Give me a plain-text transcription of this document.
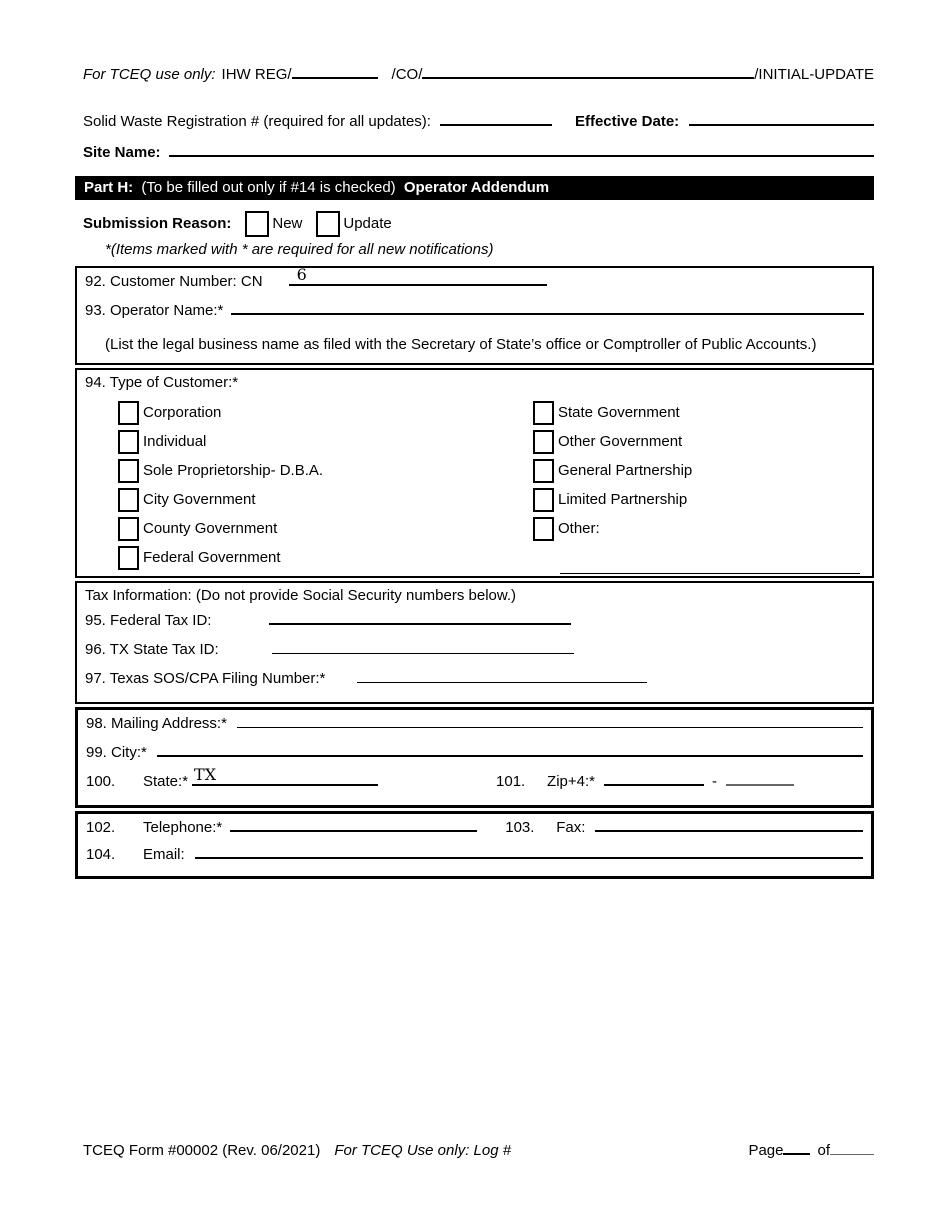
For TCEQ use only: IHW REG/	/CO/	/INITIAL-UPDATE
Solid Waste Registration # (required for all updates):	Effective Date:
Site Name:
Part H: (To be filled out only if #14 is checked) Operator Addendum
Submission Reason:	New	Update
*(Items marked with * are required for all new notifications)
92. Customer Number: CN 6
93. Operator Name:*
(List the legal business name as filed with the Secretary of State’s office or Comptroller of Public Accounts.)
94. Type of Customer:*
Corporation
Individual
Sole Proprietorship- D.B.A.
City Government
County Government
Federal Government
State Government
Other Government
General Partnership
Limited Partnership
Other:
Tax Information: (Do not provide Social Security numbers below.)
95. Federal Tax ID:
96. TX State Tax ID:
97. Texas SOS/CPA Filing Number:*
98. Mailing Address:*
99. City:*
100.	State:* TX	101.	Zip+4:*	-
102.	Telephone:*	103.	Fax:
104.	Email:
TCEQ Form #00002 (Rev. 06/2021) For TCEQ Use only: Log #	Page of
